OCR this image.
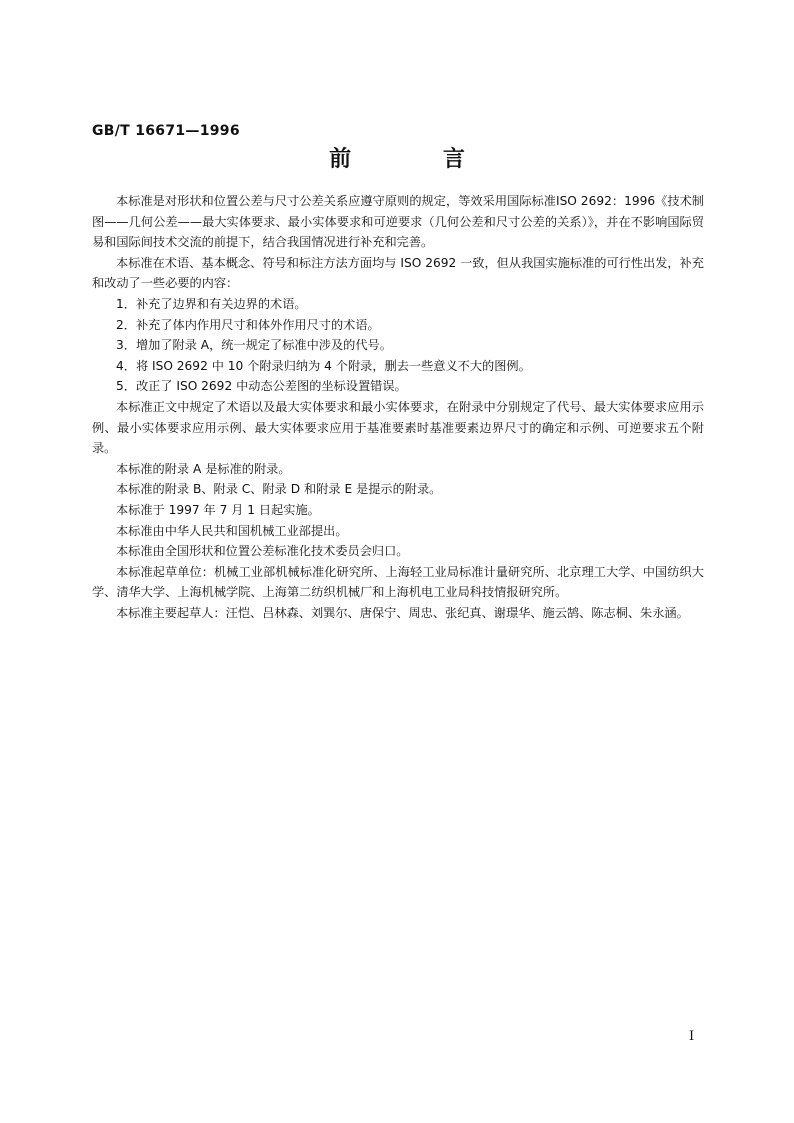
GB/T 16671—1996
前 言

本标准是对形状和位置公差与尺寸公差关系应遵守原则的规定，等效采用国际标准ISO 2692：1996《技术制图——几何公差——最大实体要求、最小实体要求和可逆要求（几何公差和尺寸公差的关系）》，并在不影响国际贸易和国际间技术交流的前提下，结合我国情况进行补充和完善。

本标准在术语、基本概念、符号和标注方法方面均与 ISO 2692 一致，但从我国实施标准的可行性出发，补充和改动了一些必要的内容：

1．补充了边界和有关边界的术语。

2．补充了体内作用尺寸和体外作用尺寸的术语。

3．增加了附录 A，统一规定了标准中涉及的代号。

4．将 ISO 2692 中 10 个附录归纳为 4 个附录，删去一些意义不大的图例。

5．改正了 ISO 2692 中动态公差图的坐标设置错误。

本标准正文中规定了术语以及最大实体要求和最小实体要求，在附录中分别规定了代号、最大实体要求应用示例、最小实体要求应用示例、最大实体要求应用于基准要素时基准要素边界尺寸的确定和示例、可逆要求五个附录。

本标准的附录 A 是标准的附录。

本标准的附录 B、附录 C、附录 D 和附录 E 是提示的附录。

本标准于 1997 年 7 月 1 日起实施。

本标准由中华人民共和国机械工业部提出。

本标准由全国形状和位置公差标准化技术委员会归口。

本标准起草单位：机械工业部机械标准化研究所、上海轻工业局标准计量研究所、北京理工大学、中国纺织大学、清华大学、上海机械学院、上海第二纺织机械厂和上海机电工业局科技情报研究所。

本标准主要起草人：汪恺、吕林森、刘巽尔、唐保宁、周忠、张纪真、谢璟华、施云鹄、陈志桐、朱永涵。

I
